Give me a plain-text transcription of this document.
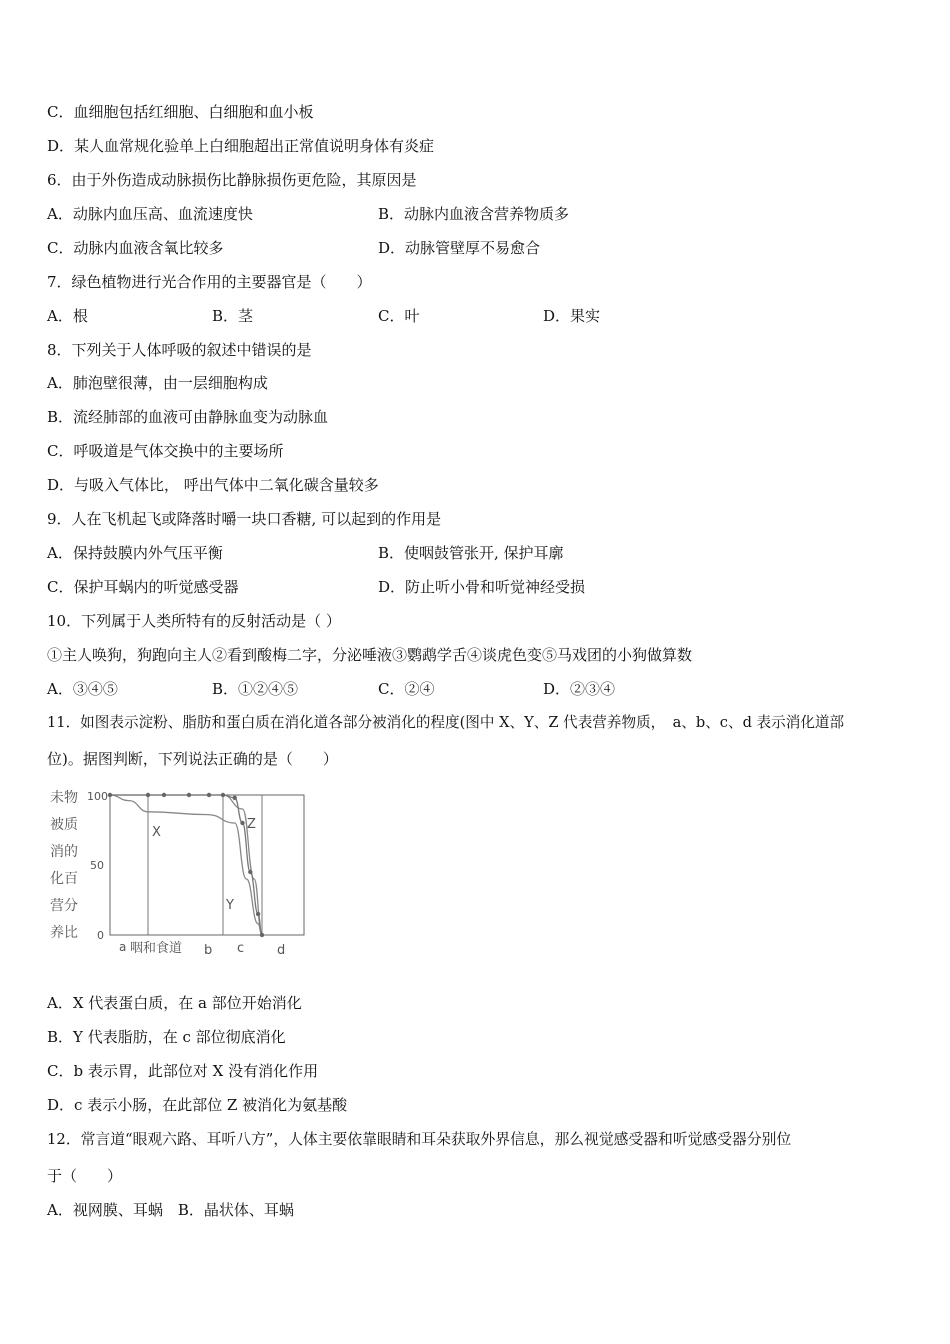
C．血细胞包括红细胞、白细胞和血小板
D．某人血常规化验单上白细胞超出正常值说明身体有炎症
6．由于外伤造成动脉损伤比静脉损伤更危险，其原因是
A．动脉内血压高、血流速度快	B．动脉内血液含营养物质多
C．动脉内血液含氧比较多	D．动脉管壁厚不易愈合
7．绿色植物进行光合作用的主要器官是（　　）
A．根	B．茎	C．叶	D．果实
8．下列关于人体呼吸的叙述中错误的是
A．肺泡壁很薄，由一层细胞构成
B．流经肺部的血液可由静脉血变为动脉血
C．呼吸道是气体交换中的主要场所
D．与吸入气体比， 呼出气体中二氧化碳含量较多
9．人在飞机起飞或降落时嚼一块口香糖, 可以起到的作用是
A．保持鼓膜内外气压平衡	B．使咽鼓管张开, 保护耳廓
C．保护耳蜗内的听觉感受器	D．防止听小骨和听觉神经受损
10．下列属于人类所特有的反射活动是（ ）
①主人唤狗，狗跑向主人②看到酸梅二字，分泌唾液③鹦鹉学舌④谈虎色变⑤马戏团的小狗做算数
A．③④⑤	B．①②④⑤	C．②④	D．②③④
11．如图表示淀粉、脂肪和蛋白质在消化道各部分被消化的程度(图中 X、Y、Z 代表营养物质，　a、b、c、d 表示消化道部
位)。据图判断，下列说法正确的是（　　）
未物
被质
消的
化百
营分
养比
100
50
0
a 咽和食道 b c	d
X
Y
Z
A．X 代表蛋白质，在 a 部位开始消化
B．Y 代表脂肪，在 c 部位彻底消化
C．b 表示胃，此部位对 X 没有消化作用
D．c 表示小肠，在此部位 Z 被消化为氨基酸
12．常言道“眼观六路、耳听八方”，人体主要依靠眼睛和耳朵获取外界信息，那么视觉感受器和听觉感受器分别位
于（　　）
A．视网膜、耳蜗　B．晶状体、耳蜗
